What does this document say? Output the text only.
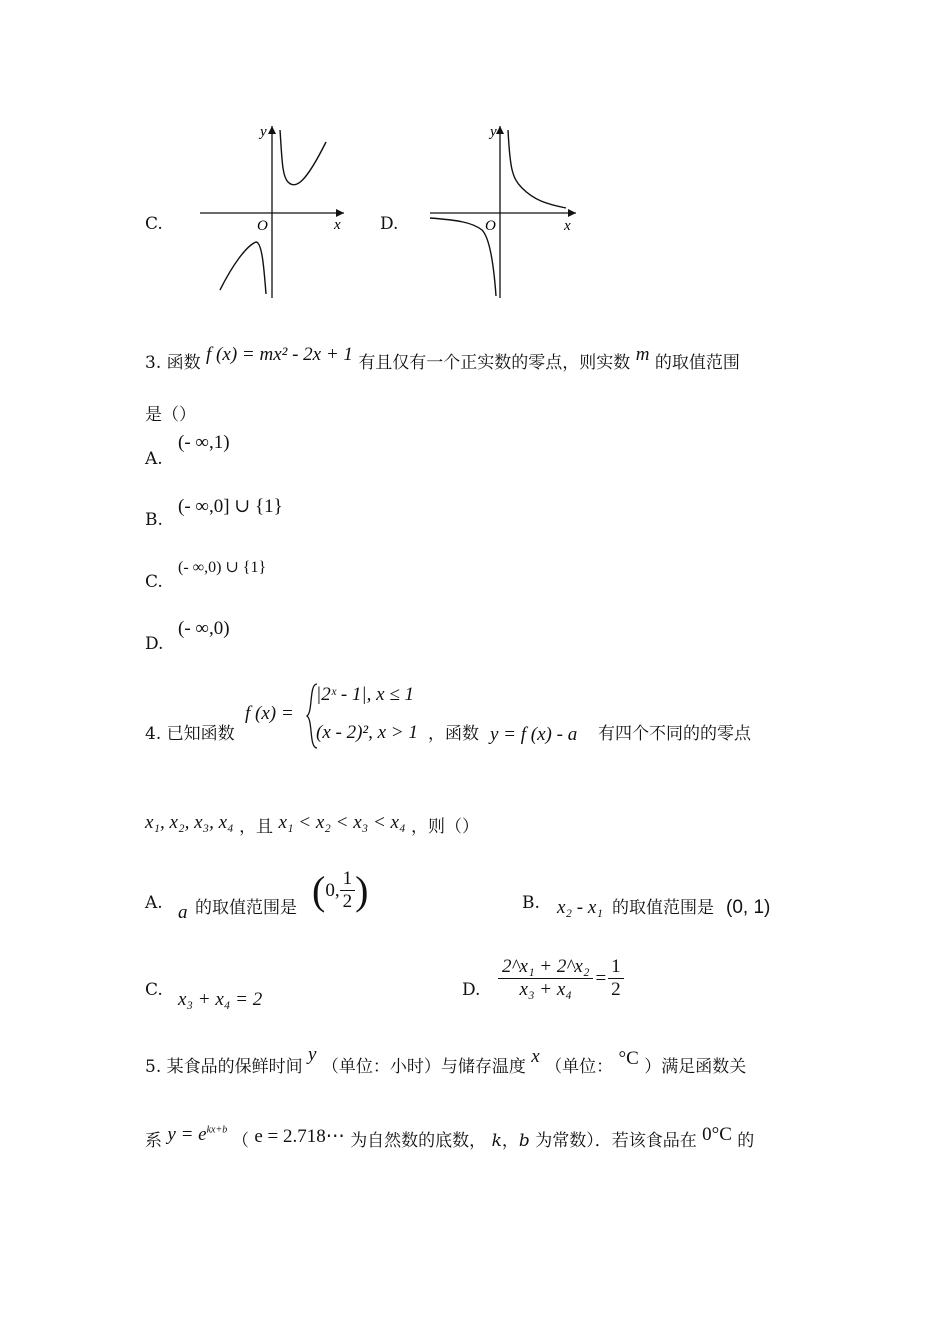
C.
y
x
O	D.
y
x
O
3. 函数 f (x) = mx² - 2x + 1 有且仅有一个正实数的零点，则实数 m 的取值范围
是（）
A.
(- ∞,1)
B.
(- ∞,0] ∪ {1}
C.
(- ∞,0) ∪ {1}
D.
(- ∞,0)
4. 已知函数
f (x) =
|2ˣ - 1|, x ≤ 1
(x - 2)², x > 1 ，函数 y = f (x) - a 有四个不同的的零点
x₁, x₂, x₃, x₄ ，且 x₁ < x₂ < x₃ < x₄ ，则（）
A. a 的取值范围是 ( 0, $\frac{1}{2}$ )	B. x₂ - x₁ 的取值范围是 (0, 1)
C. x₃ + x₄ = 2	D. $\frac{\text{2\textasciicircum{}x₁ + 2\textasciicircum{}x₂}}{\text{x₃ + x₄}} = \frac{1}{2}$
5. 某食品的保鲜时间 y （单位：小时）与储存温度 x （单位： °C ）满足函数关
系 $y = e^{kx+b}$ （ e = 2.718⋯ 为自然数的底数， k，b 为常数）．若该食品在 0°C 的
